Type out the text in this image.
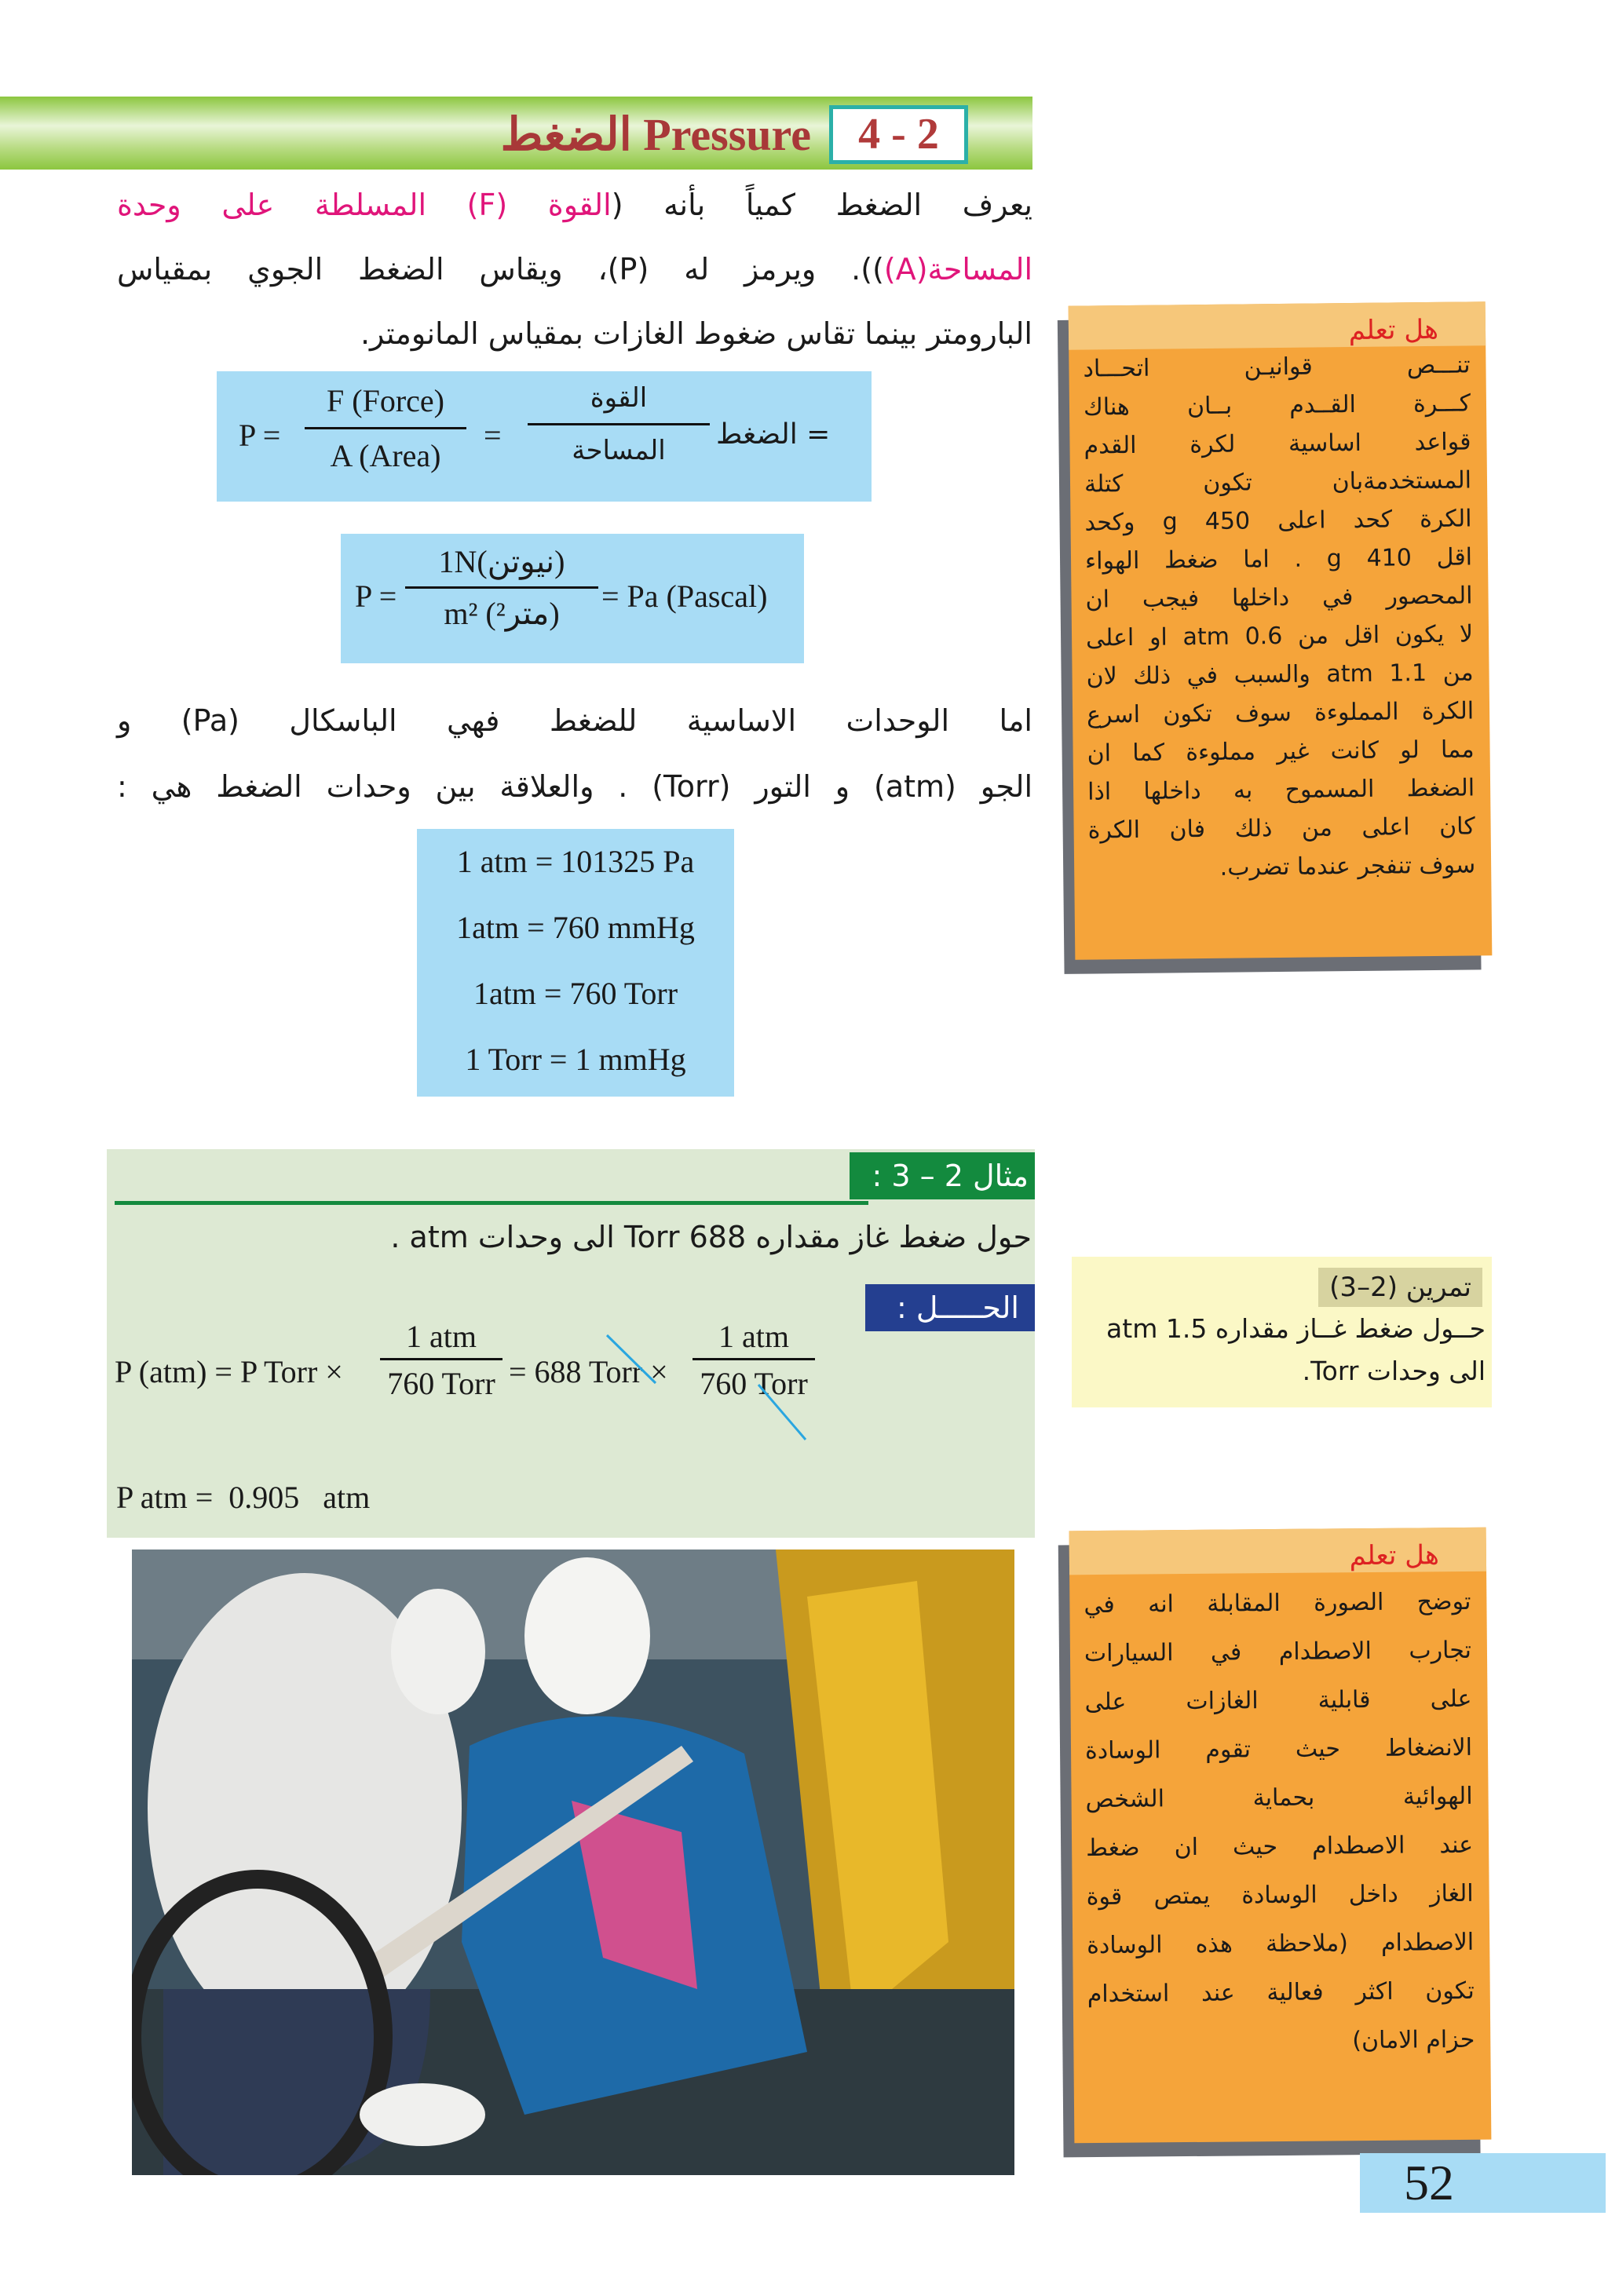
4 - 2
Pressure الضغط
يعرف الضغط كمياً بأنه (القوة (F) المسلطة على وحدة
المساحة(A))). ويرمز له (P)، ويقاس الضغط الجوي بمقياس
البارومتر بينما تقاس ضغوط الغازات بمقياس المانومتر.
P =
F (Force)
A (Area)
=
القوة
المساحة = الضغط
P =
1N(نيوتن)
m² (²متر) = Pa (Pascal)
اما الوحدات الاساسية للضغط فهي الباسكال (Pa) و
الجو (atm) و التور (Torr) . والعلاقة بين وحدات الضغط هي :
1 atm = 101325 Pa
1atm = 760 mmHg
1atm = 760 Torr
1 Torr = 1 mmHg
هل تعلم
تنـــص قوانيـن اتحـــاد
كـــرة القــدم بــان هناك
قواعد اساسية لكرة القدم
المستخدمةبان تكون كتلة
الكرة كحد اعلى 450 g وكحد
اقل 410 g . اما ضغط الهواء
المحصور في داخلها فيجب ان
لا يكون اقل من 0.6 atm او اعلى
من 1.1 atm والسبب في ذلك لان
الكرة المملوءة سوف تكون اسرع
مما لو كانت غير مملوءة كما ان
الضغط المسموح به داخلها اذا
كان اعلى من ذلك فان الكرة
سوف تنفجر عندما تضرب.
مثال 2 – 3 :
حول ضغط غاز مقداره 688 Torr الى وحدات atm .
الحـــــل :
P (atm) = P Torr ×
1 atm
760 Torr = 688 Torr ×
1 atm
760 Torr
P atm =  0.905   atm
تمرين (2–3)
حــول ضغط غــاز مقداره 1.5 atm
الى وحدات Torr.
هل تعلم
توضح الصورة المقابلة انه في
تجارب الاصطدام في السيارات
على قابلية الغازات على
الانضغاط حيث تقوم الوسادة
الهوائية بحماية الشخص
عند الاصطدام حيث ان ضغط
الغاز داخل الوسادة يمتص قوة
الاصطدام (ملاحظة هذه الوسادة
تكون اكثر فعالية عند استخدام
حزام الامان)
52
